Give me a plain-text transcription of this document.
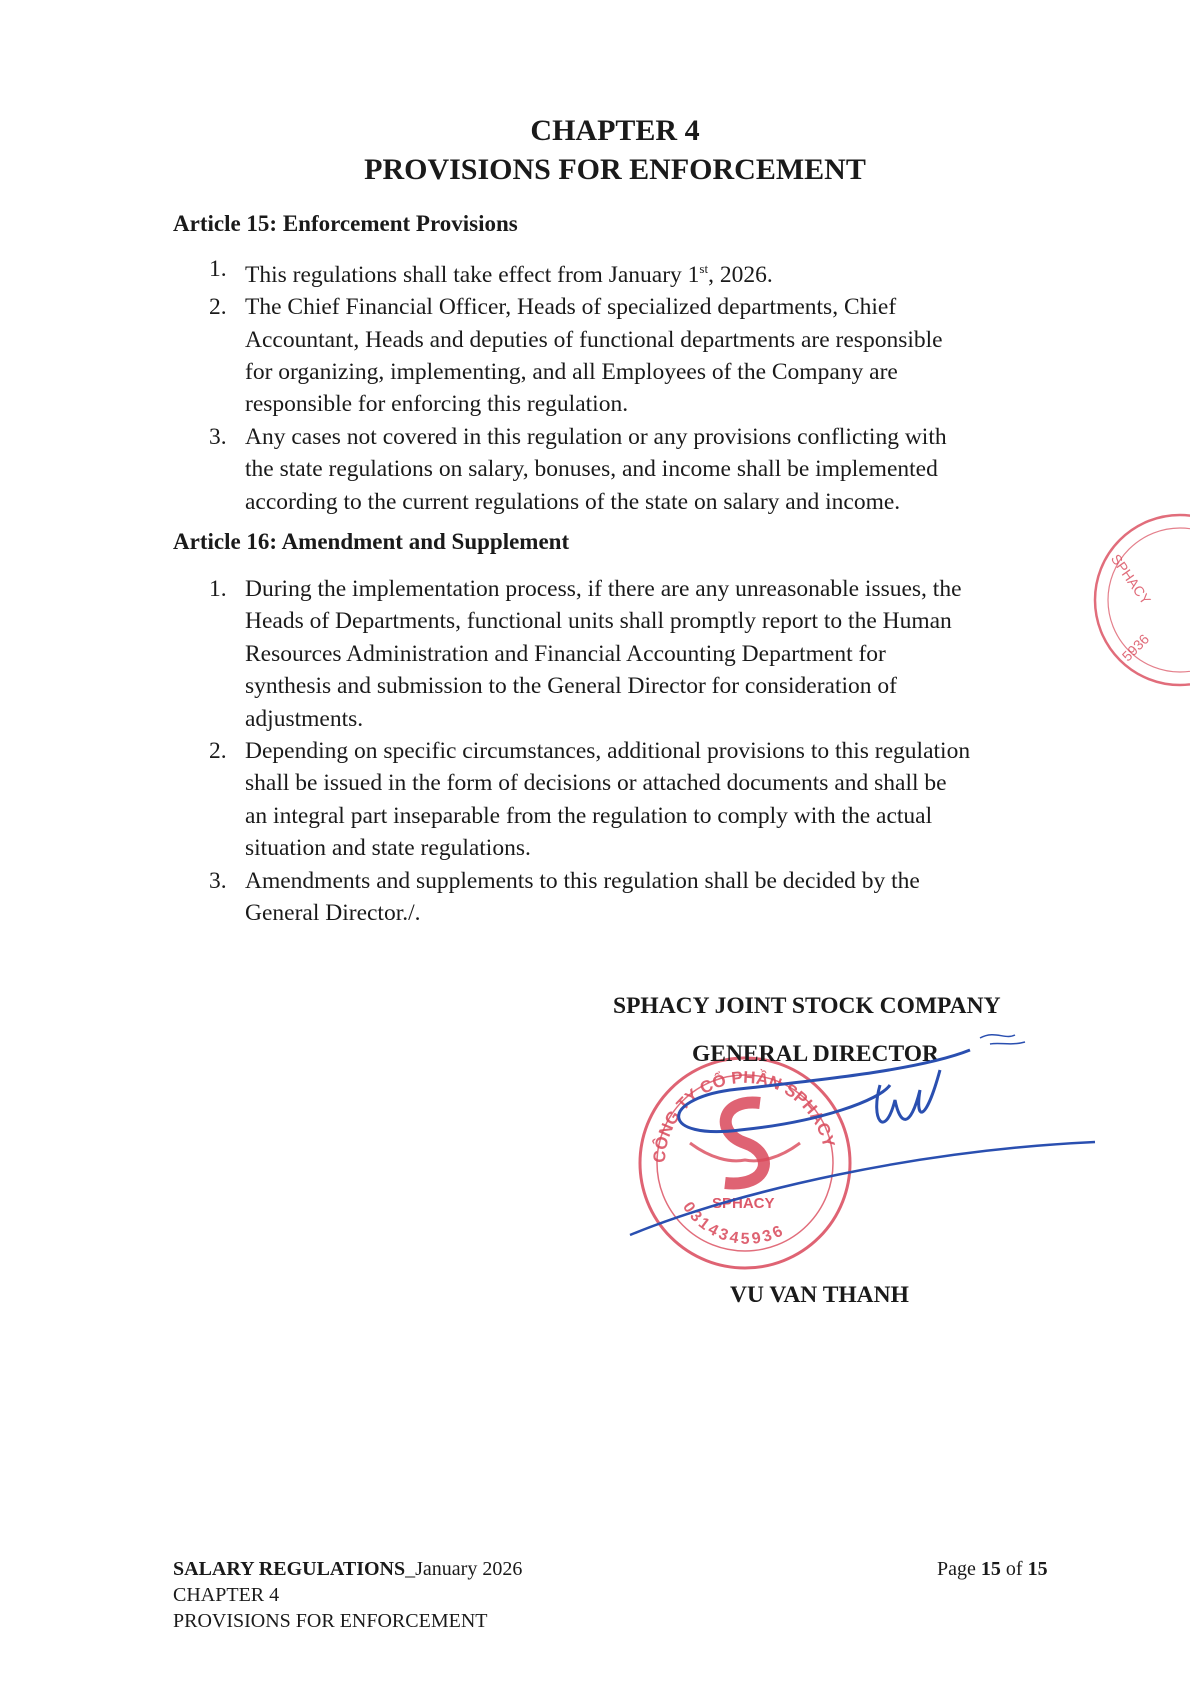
CHAPTER 4
PROVISIONS FOR ENFORCEMENT
Article 15: Enforcement Provisions
1. This regulations shall take effect from January 1st, 2026.
2. The Chief Financial Officer, Heads of specialized departments, Chief
Accountant, Heads and deputies of functional departments are responsible
for organizing, implementing, and all Employees of the Company are
responsible for enforcing this regulation.
3. Any cases not covered in this regulation or any provisions conflicting with
the state regulations on salary, bonuses, and income shall be implemented
according to the current regulations of the state on salary and income.
Article 16: Amendment and Supplement
1. During the implementation process, if there are any unreasonable issues, the
Heads of Departments, functional units shall promptly report to the Human
Resources Administration and Financial Accounting Department for
synthesis and submission to the General Director for consideration of
adjustments.
2. Depending on specific circumstances, additional provisions to this regulation
shall be issued in the form of decisions or attached documents and shall be
an integral part inseparable from the regulation to comply with the actual
situation and state regulations.
3. Amendments and supplements to this regulation shall be decided by the
General Director./.
SPHACY
5936
SPHACY JOINT STOCK COMPANY
CÔNG TY CỔ PHẦN SPHACY
0314345936
SPHACY
GENERAL DIRECTOR
VU VAN THANH
SALARY REGULATIONS_January 2026
CHAPTER 4
PROVISIONS FOR ENFORCEMENT
Page 15 of 15
